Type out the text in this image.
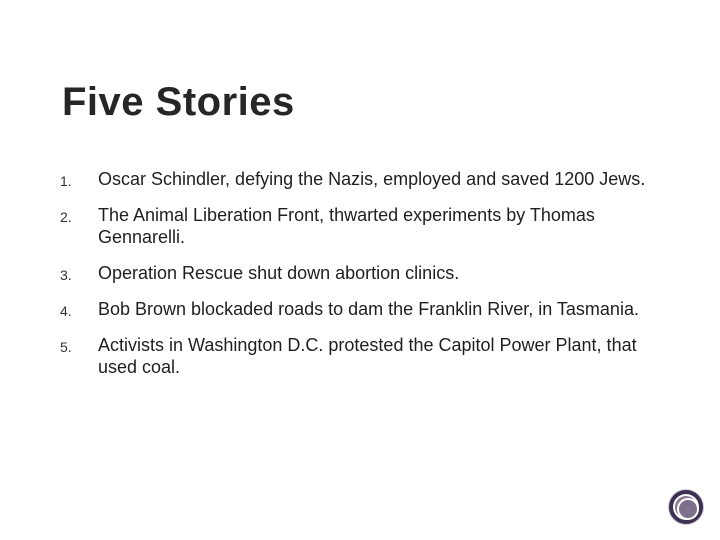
Five Stories
1. Oscar Schindler, defying the Nazis, employed and saved 1200 Jews.
2. The Animal Liberation Front, thwarted experiments by Thomas Gennarelli.
3. Operation Rescue shut down abortion clinics.
4. Bob Brown blockaded roads to dam the Franklin River, in Tasmania.
5. Activists in Washington D.C. protested the Capitol Power Plant, that used coal.
